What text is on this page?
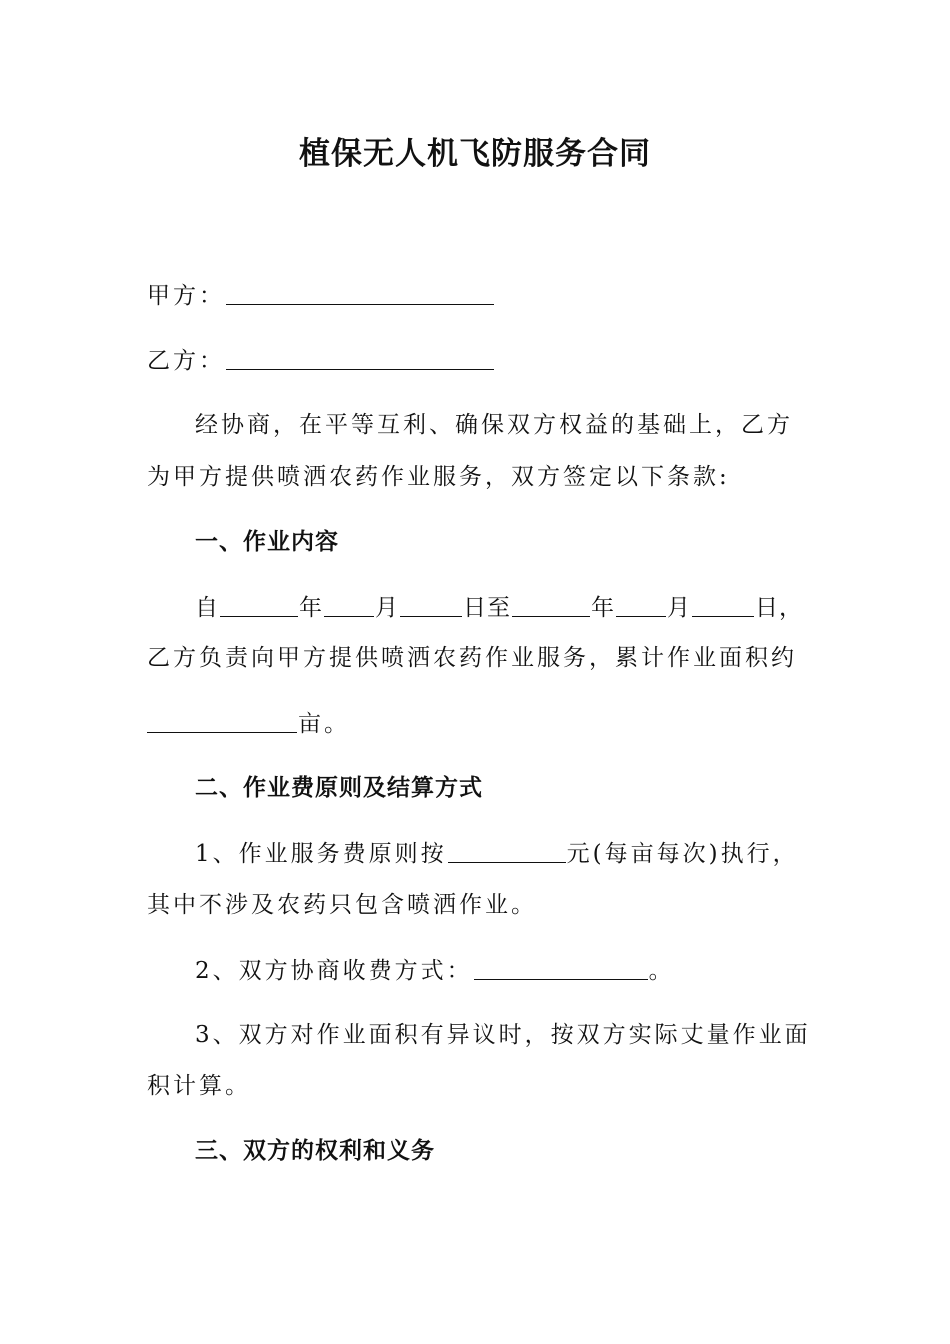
植保无人机飞防服务合同
甲方：
乙方：
经协商，在平等互利、确保双方权益的基础上，乙方
为甲方提供喷洒农药作业服务，双方签定以下条款:
一、作业内容
自	年 月	日至	年 月	日，
乙方负责向甲方提供喷洒农药作业服务，累计作业面积约
亩。
二、作业费原则及结算方式
1、作业服务费原则按	元(每亩每次)执行，
其中不涉及农药只包含喷洒作业。
2、双方协商收费方式：	。
3、双方对作业面积有异议时，按双方实际丈量作业面
积计算。
三、双方的权利和义务
